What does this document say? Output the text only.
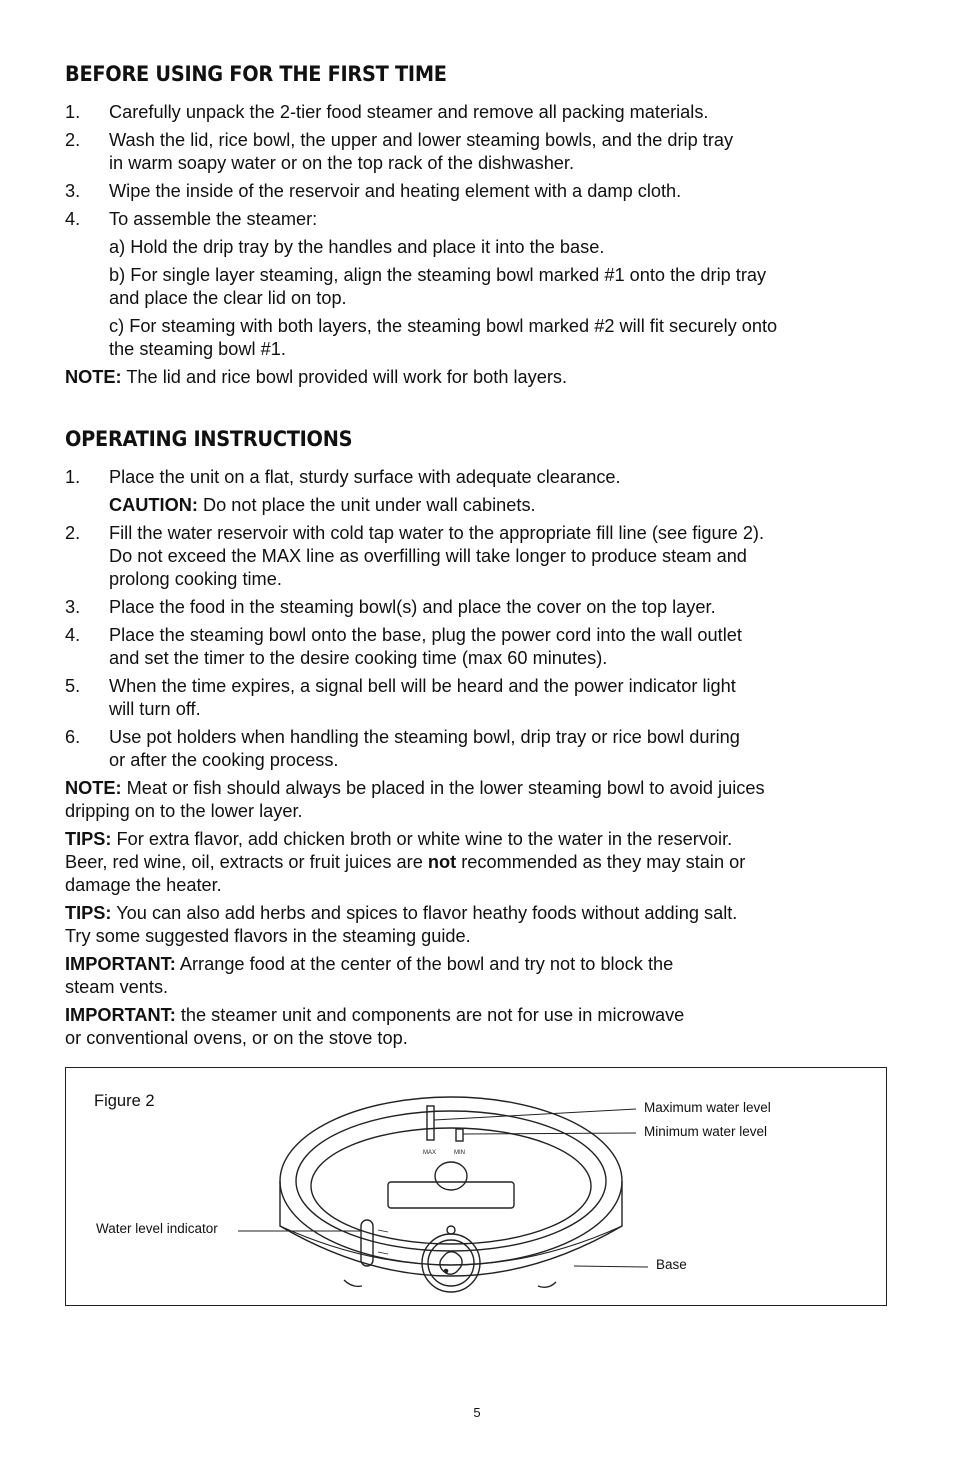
BEFORE USING FOR THE FIRST TIME

1. Carefully unpack the 2-tier food steamer and remove all packing materials.

2. Wash the lid, rice bowl, the upper and lower steaming bowls, and the drip tray
in warm soapy water or on the top rack of the dishwasher.

3. Wipe the inside of the reservoir and heating element with a damp cloth.

4. To assemble the steamer:

a) Hold the drip tray by the handles and place it into the base.

b) For single layer steaming, align the steaming bowl marked #1 onto the drip tray
and place the clear lid on top.

c) For steaming with both layers, the steaming bowl marked #2 will fit securely onto
the steaming bowl #1.

NOTE: The lid and rice bowl provided will work for both layers.

OPERATING INSTRUCTIONS

1. Place the unit on a flat, sturdy surface with adequate clearance.

CAUTION: Do not place the unit under wall cabinets.

2. Fill the water reservoir with cold tap water to the appropriate fill line (see figure 2).
Do not exceed the MAX line as overfilling will take longer to produce steam and
prolong cooking time.

3. Place the food in the steaming bowl(s) and place the cover on the top layer.

4. Place the steaming bowl onto the base, plug the power cord into the wall outlet
and set the timer to the desire cooking time (max 60 minutes).

5. When the time expires, a signal bell will be heard and the power indicator light
will turn off.

6. Use pot holders when handling the steaming bowl, drip tray or rice bowl during
or after the cooking process.

NOTE: Meat or fish should always be placed in the lower steaming bowl to avoid juices
dripping on to the lower layer.

TIPS: For extra flavor, add chicken broth or white wine to the water in the reservoir.
Beer, red wine, oil, extracts or fruit juices are not recommended as they may stain or
damage the heater.

TIPS: You can also add herbs and spices to flavor heathy foods without adding salt.
Try some suggested flavors in the steaming guide.

IMPORTANT: Arrange food at the center of the bowl and try not to block the
steam vents.

IMPORTANT: the steamer unit and components are not for use in microwave
or conventional ovens, or on the stove top.

Figure 2
MAX	MIN
Maximum water level
Minimum water level
Water level indicator
Base
5
